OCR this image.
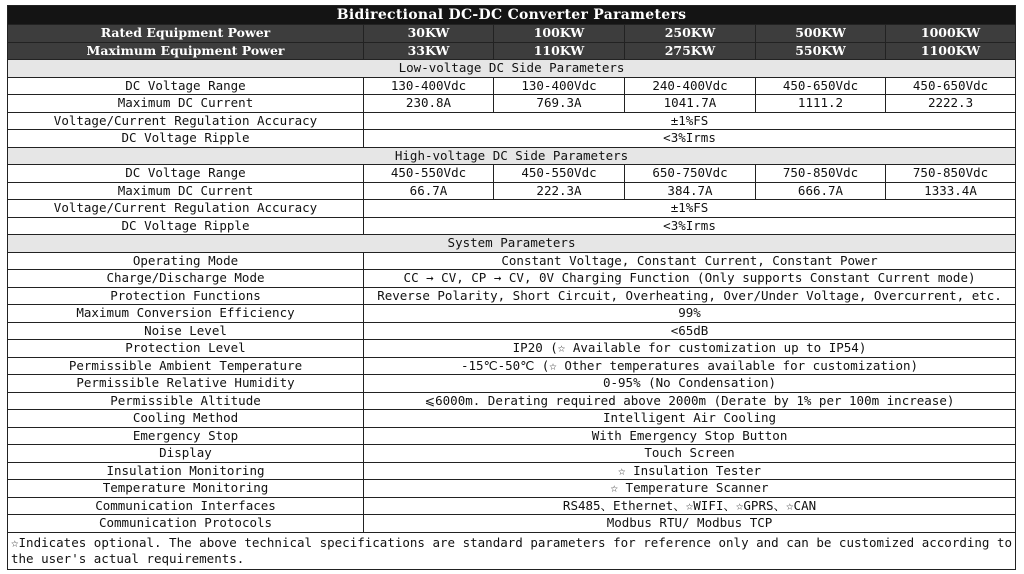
Bidirectional DC-DC Converter Parameters					
Rated Equipment Power	30KW	100KW	250KW	500KW	1000KW
Maximum Equipment Power	33KW	110KW	275KW	550KW	1100KW
Low-voltage DC Side Parameters					
DC Voltage Range	130-400Vdc	130-400Vdc	240-400Vdc	450-650Vdc	450-650Vdc
Maximum DC Current	230.8A	769.3A	1041.7A	1111.2	2222.3
Voltage/Current Regulation Accuracy	±1%FS				
DC Voltage Ripple	<3%Irms				
High-voltage DC Side Parameters					
DC Voltage Range	450-550Vdc	450-550Vdc	650-750Vdc	750-850Vdc	750-850Vdc
Maximum DC Current	66.7A	222.3A	384.7A	666.7A	1333.4A
Voltage/Current Regulation Accuracy	±1%FS				
DC Voltage Ripple	<3%Irms				
System Parameters					
Operating Mode	Constant Voltage, Constant Current, Constant Power				
Charge/Discharge Mode	CC → CV, CP → CV, 0V Charging Function (Only supports Constant Current mode)				
Protection Functions	Reverse Polarity, Short Circuit, Overheating, Over/Under Voltage, Overcurrent, etc.				
Maximum Conversion Efficiency	99%				
Noise Level	<65dB				
Protection Level	IP20 (☆ Available for customization up to IP54)				
Permissible Ambient Temperature	-15℃-50℃ (☆ Other temperatures available for customization)				
Permissible Relative Humidity	0-95% (No Condensation)				
Permissible Altitude	⩽6000m. Derating required above 2000m (Derate by 1% per 100m increase)				
Cooling Method	Intelligent Air Cooling				
Emergency Stop	With Emergency Stop Button				
Display	Touch Screen				
Insulation Monitoring	☆ Insulation Tester				
Temperature Monitoring	☆ Temperature Scanner				
Communication Interfaces	RS485、Ethernet、☆WIFI、☆GPRS、☆CAN				
Communication Protocols	Modbus RTU/ Modbus TCP				
☆Indicates optional. The above technical specifications are standard parameters for reference only and can be customized according to the user's actual requirements.					
